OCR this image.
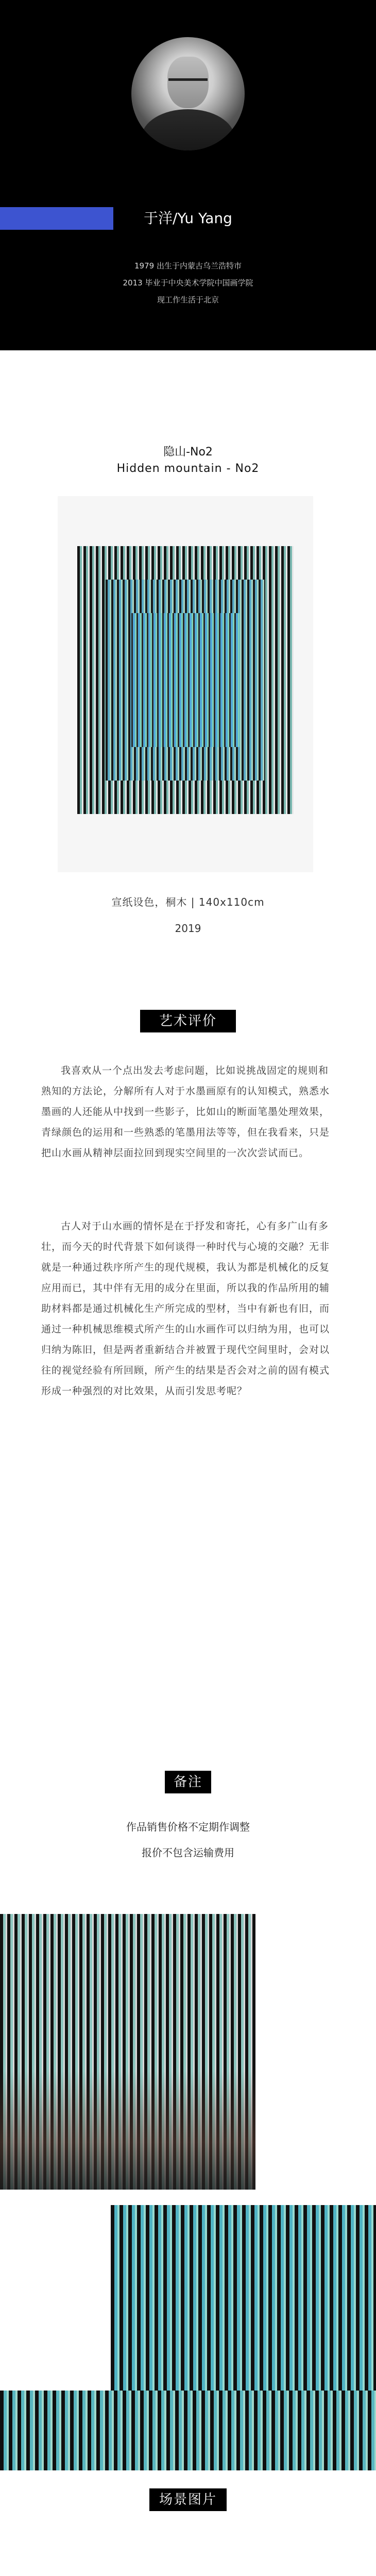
于洋/Yu Yang
1979 出生于内蒙古乌兰浩特市
2013 毕业于中央美术学院中国画学院
现工作生活于北京
隐山-No2
Hidden mountain - No2
宣纸设色，桐木 | 140x110cm
2019
艺术评价
我喜欢从一个点出发去考虑问题，比如说挑战固定的规则和熟知的方法论，分解所有人对于水墨画原有的认知模式，熟悉水墨画的人还能从中找到一些影子，比如山的断面笔墨处理效果，青绿颜色的运用和一些熟悉的笔墨用法等等，但在我看来，只是把山水画从精神层面拉回到现实空间里的一次次尝试而已。
古人对于山水画的情怀是在于抒发和寄托，心有多广山有多壮，而今天的时代背景下如何谈得一种时代与心境的交融？无非就是一种通过秩序所产生的现代规模，我认为都是机械化的反复应用而已，其中伴有无用的成分在里面，所以我的作品所用的辅助材料都是通过机械化生产所完成的型材，当中有新也有旧，而通过一种机械思维模式所产生的山水画作可以归纳为用，也可以归纳为陈旧，但是两者重新结合并被置于现代空间里时，会对以往的视觉经验有所回顾，所产生的结果是否会对之前的固有模式形成一种强烈的对比效果，从而引发思考呢？
备注
作品销售价格不定期作调整
报价不包含运输费用
场景图片
